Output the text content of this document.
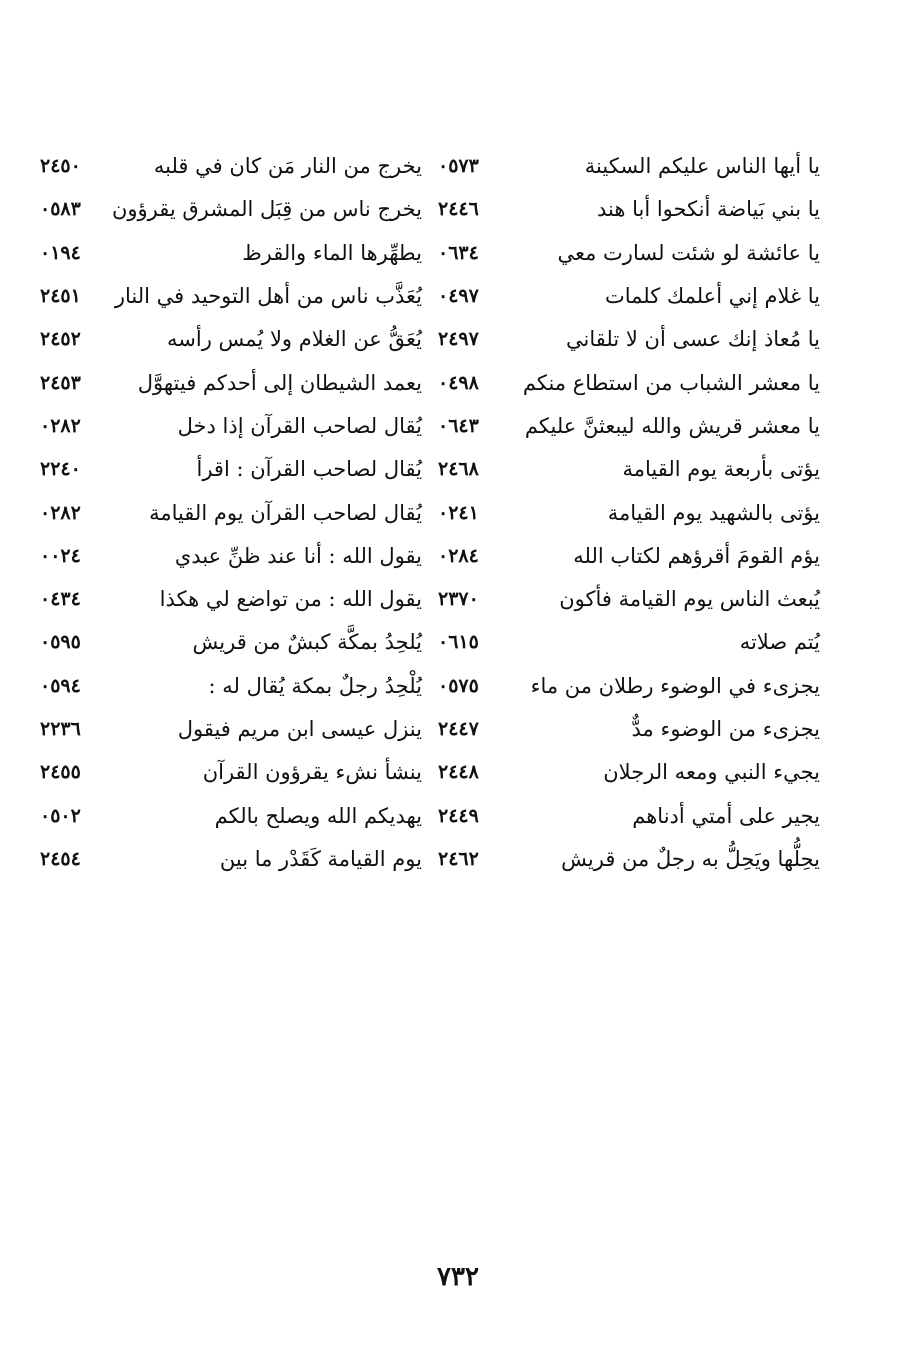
يخرج من النار مَن كان في قلبه
٢٤٥٠
يخرج ناس من قِبَل المشرق يقرؤون
٠٥٨٣
يطهِّرها الماء والقرظ
٠١٩٤
يُعَذَّب ناس من أهل التوحيد في النار
٢٤٥١
يُعَقُّ عن الغلام ولا يُمس رأسه
٢٤٥٢
يعمد الشيطان إلى أحدكم فيتهوَّل
٢٤٥٣
يُقال لصاحب القرآن إذا دخل
٠٢٨٢
يُقال لصاحب القرآن : اقرأ
٢٢٤٠
يُقال لصاحب القرآن يوم القيامة
٠٢٨٢
يقول الله : أنا عند ظنِّ عبدي
٠٠٢٤
يقول الله : من تواضع لي هكذا
٠٤٣٤
يُلحِدُ بمكَّة كبشٌ من قريش
٠٥٩٥
يُلْحِدُ رجلٌ بمكة يُقال له :
٠٥٩٤
ينزل عيسى ابن مريم فيقول
٢٢٣٦
ينشأ نشء يقرؤون القرآن
٢٤٥٥
يهديكم الله ويصلح بالكم
٠٥٠٢
يوم القيامة كَقَدْر ما بين
٢٤٥٤
يا أيها الناس عليكم السكينة
٠٥٧٣
يا بني بَياضة أنكحوا أبا هند
٢٤٤٦
يا عائشة لو شئت لسارت معي
٠٦٣٤
يا غلام إني أعلمك كلمات
٠٤٩٧
يا مُعاذ إنك عسى أن لا تلقاني
٢٤٩٧
يا معشر الشباب من استطاع منكم
٠٤٩٨
يا معشر قريش والله ليبعثنَّ عليكم
٠٦٤٣
يؤتى بأربعة يوم القيامة
٢٤٦٨
يؤتى بالشهيد يوم القيامة
٠٢٤١
يؤم القومَ أقرؤهم لكتاب الله
٠٢٨٤
يُبعث الناس يوم القيامة فأكون
٢٣٧٠
يُتم صلاته
٠٦١٥
يجزىء في الوضوء رطلان من ماء
٠٥٧٥
يجزىء من الوضوء مدٌّ
٢٤٤٧
يجيء النبي ومعه الرجلان
٢٤٤٨
يجير على أمتي أدناهم
٢٤٤٩
يحِلُّها ويَحِلُّ به رجلٌ من قريش
٢٤٦٢
٧٣٢
